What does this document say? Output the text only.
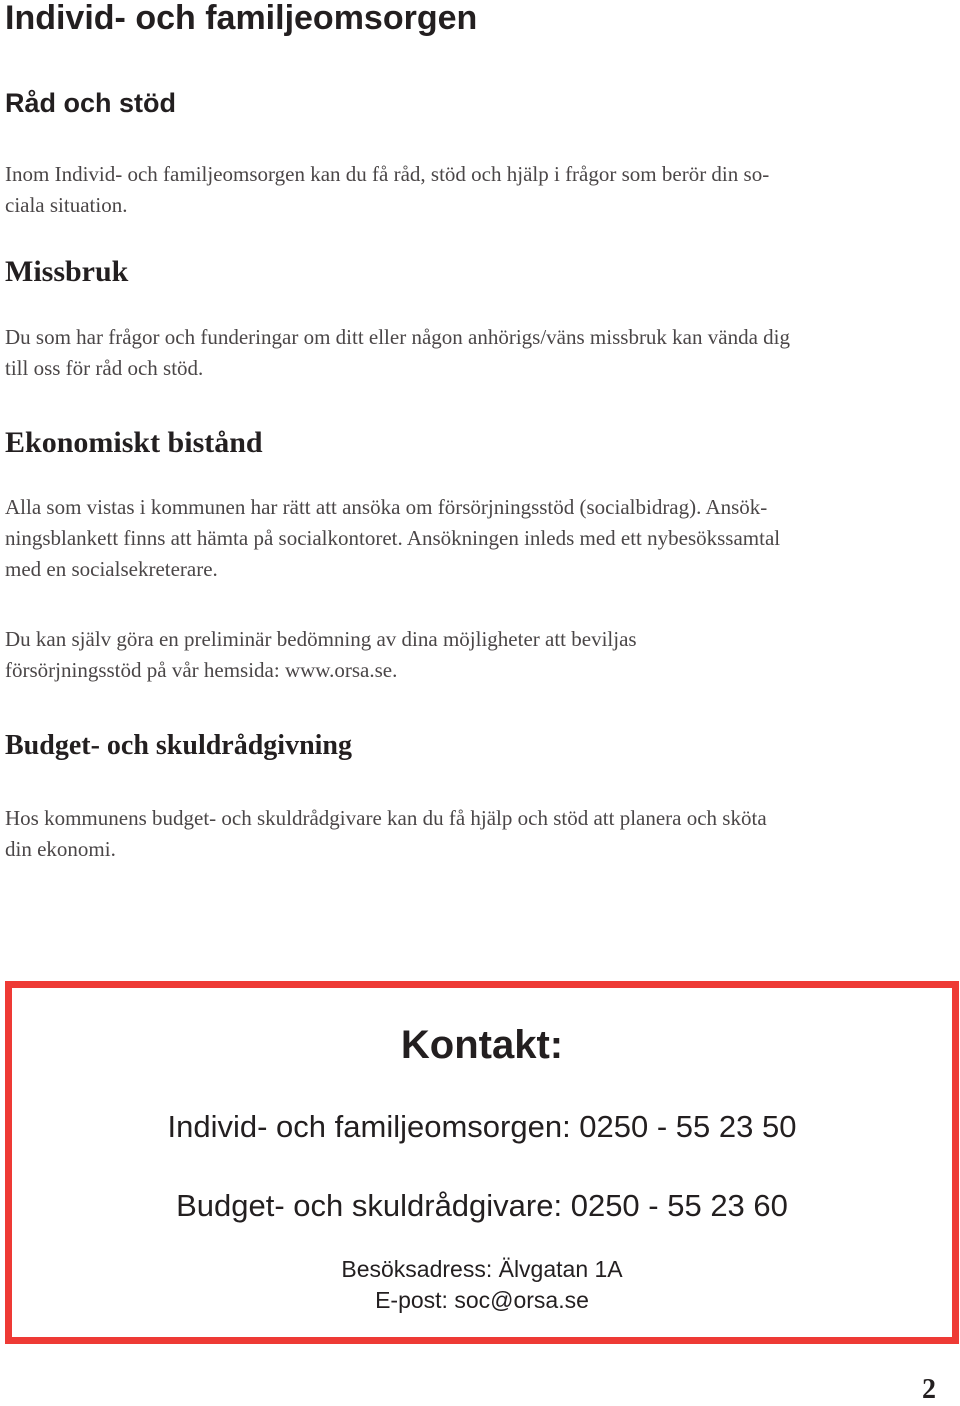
Individ- och familjeomsorgen
Råd och stöd

Inom Individ- och familjeomsorgen kan du få råd, stöd och hjälp i frågor som berör din so-
ciala situation.

Missbruk

Du som har frågor och funderingar om ditt eller någon anhörigs/väns missbruk kan vända dig
till oss för råd och stöd.

Ekonomiskt bistånd

Alla som vistas i kommunen har rätt att ansöka om försörjningsstöd (socialbidrag). Ansök-
ningsblankett finns att hämta på socialkontoret. Ansökningen inleds med ett nybesökssamtal
med en socialsekreterare.

Du kan själv göra en preliminär bedömning av dina möjligheter att beviljas
försörjningsstöd på vår hemsida: www.orsa.se.

Budget- och skuldrådgivning

Hos kommunens budget- och skuldrådgivare kan du få hjälp och stöd att planera och sköta
din ekonomi.

Kontakt:

Individ- och familjeomsorgen: 0250 - 55 23 50

Budget- och skuldrådgivare: 0250 - 55 23 60

Besöksadress: Älvgatan 1A

E-post: soc@orsa.se

2
